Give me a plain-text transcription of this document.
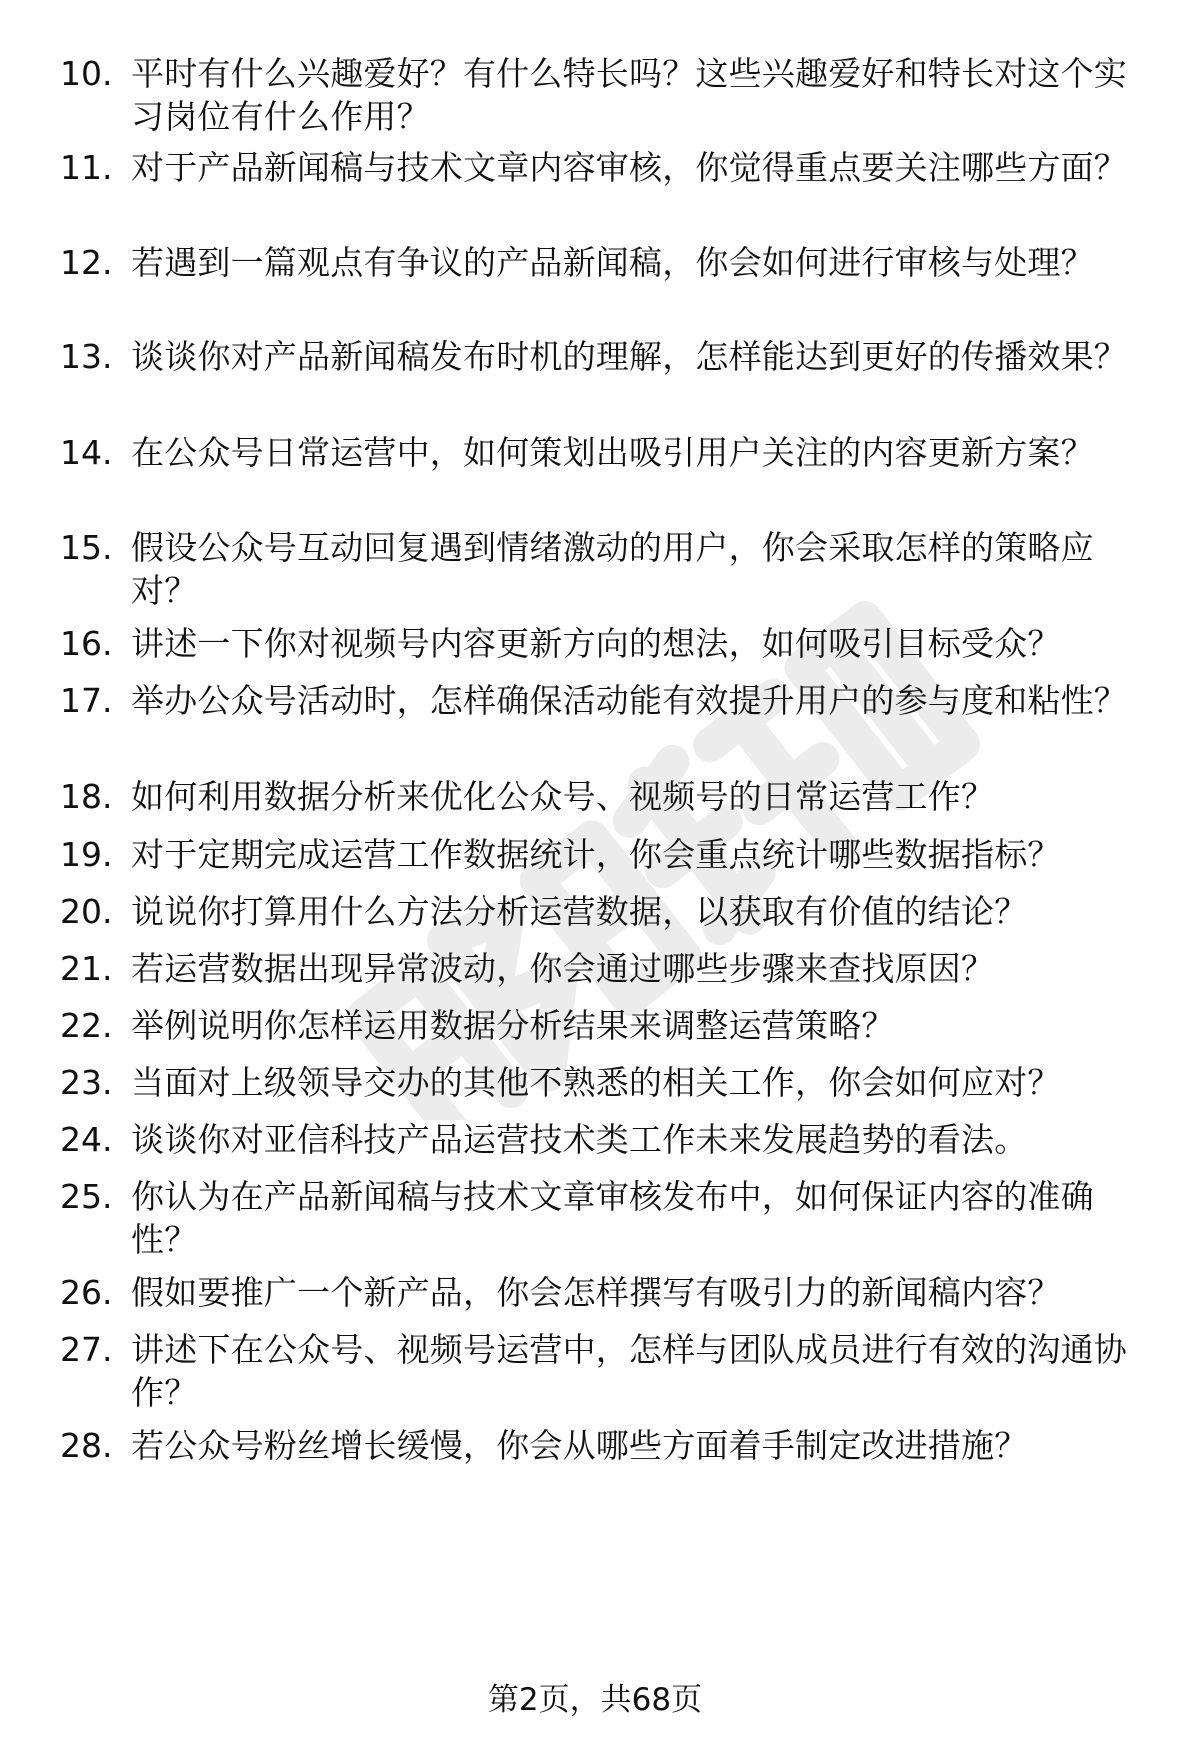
10. 平时有什么兴趣爱好？有什么特长吗？这些兴趣爱好和特长对这个实习岗位有什么作用？
11. 对于产品新闻稿与技术文章内容审核，你觉得重点要关注哪些方面？
12. 若遇到一篇观点有争议的产品新闻稿，你会如何进行审核与处理？
13. 谈谈你对产品新闻稿发布时机的理解，怎样能达到更好的传播效果？
14. 在公众号日常运营中，如何策划出吸引用户关注的内容更新方案？
15. 假设公众号互动回复遇到情绪激动的用户，你会采取怎样的策略应对？
16. 讲述一下你对视频号内容更新方向的想法，如何吸引目标受众？
17. 举办公众号活动时，怎样确保活动能有效提升用户的参与度和粘性？
18. 如何利用数据分析来优化公众号、视频号的日常运营工作？
19. 对于定期完成运营工作数据统计，你会重点统计哪些数据指标？
20. 说说你打算用什么方法分析运营数据，以获取有价值的结论？
21. 若运营数据出现异常波动，你会通过哪些步骤来查找原因？
22. 举例说明你怎样运用数据分析结果来调整运营策略？
23. 当面对上级领导交办的其他不熟悉的相关工作，你会如何应对？
24. 谈谈你对亚信科技产品运营技术类工作未来发展趋势的看法。
25. 你认为在产品新闻稿与技术文章审核发布中，如何保证内容的准确性？
26. 假如要推广一个新产品，你会怎样撰写有吸引力的新闻稿内容？
27. 讲述下在公众号、视频号运营中，怎样与团队成员进行有效的沟通协作？
28. 若公众号粉丝增长缓慢，你会从哪些方面着手制定改进措施？
第2页，共68页
